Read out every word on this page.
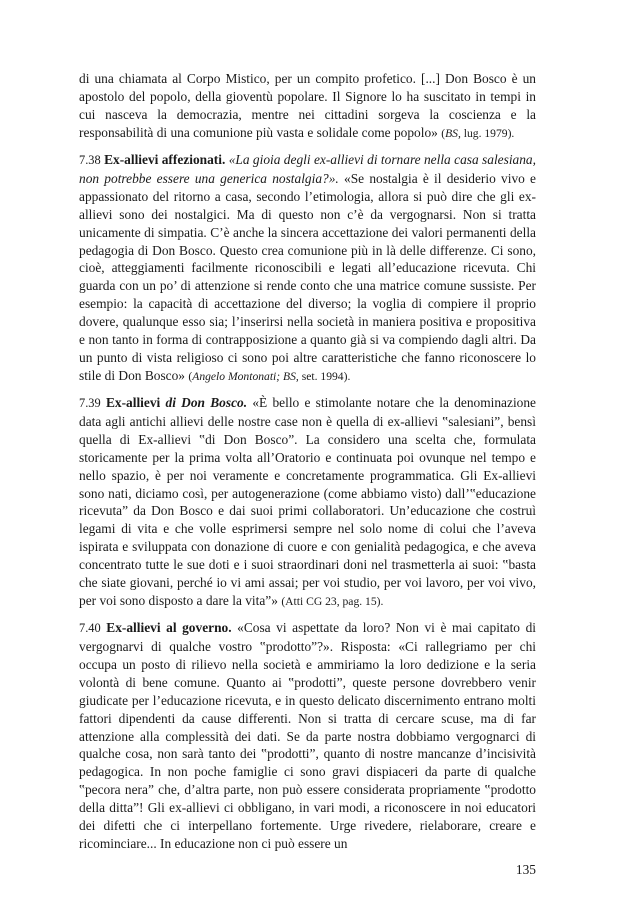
di una chiamata al Corpo Mistico, per un compito profetico. [...] Don Bosco è un apostolo del popolo, della gioventù popolare. Il Signore lo ha suscitato in tempi in cui nasceva la democrazia, mentre nei cittadini sorgeva la coscienza e la responsabilità di una comunione più vasta e solidale come popolo» (BS, lug. 1979).

7.38 Ex-allievi affezionati. «La gioia degli ex-allievi di tornare nella casa salesiana, non potrebbe essere una generica nostalgia?». «Se nostalgia è il desiderio vivo e appassionato del ritorno a casa, secondo l’etimologia, allora si può dire che gli ex-allievi sono dei nostalgici. Ma di questo non c’è da vergognarsi. Non si tratta unicamente di simpatia. C’è anche la sincera accettazione dei valori permanenti della pedagogia di Don Bosco. Questo crea comunione più in là delle differenze. Ci sono, cioè, atteggiamenti facilmente riconoscibili e legati all’educazione ricevuta. Chi guarda con un po’ di attenzione si rende conto che una matrice comune sussiste. Per esempio: la capacità di accettazione del diverso; la voglia di compiere il proprio dovere, qualunque esso sia; l’inserirsi nella società in maniera positiva e propositiva e non tanto in forma di contrapposizione a quanto già si va compiendo dagli altri. Da un punto di vista religioso ci sono poi altre caratteristiche che fanno riconoscere lo stile di Don Bosco» (Angelo Montonati; BS, set. 1994).

7.39 Ex-allievi di Don Bosco. «È bello e stimolante notare che la denominazione data agli antichi allievi delle nostre case non è quella di ex-allievi ‟salesiani”, bensì quella di Ex-allievi ‟di Don Bosco”. La considero una scelta che, formulata storicamente per la prima volta all’Oratorio e continuata poi ovunque nel tempo e nello spazio, è per noi veramente e concretamente programmatica. Gli Ex-allievi sono nati, diciamo così, per autogenerazione (come abbiamo visto) dall’‟educazione ricevuta” da Don Bosco e dai suoi primi collaboratori. Un’educazione che costruì legami di vita e che volle esprimersi sempre nel solo nome di colui che l’aveva ispirata e sviluppata con donazione di cuore e con genialità pedagogica, e che aveva concentrato tutte le sue doti e i suoi straordinari doni nel trasmetterla ai suoi: ‟basta che siate giovani, perché io vi ami assai; per voi studio, per voi lavoro, per voi vivo, per voi sono disposto a dare la vita”» (Atti CG 23, pag. 15).

7.40 Ex-allievi al governo. «Cosa vi aspettate da loro? Non vi è mai capitato di vergognarvi di qualche vostro ‟prodotto”?». Risposta: «Ci rallegriamo per chi occupa un posto di rilievo nella società e ammiriamo la loro dedizione e la seria volontà di bene comune. Quanto ai ‟prodotti”, queste persone dovrebbero venir giudicate per l’educazione ricevuta, e in questo delicato discernimento entrano molti fattori dipendenti da cause differenti. Non si tratta di cercare scuse, ma di far attenzione alla complessità dei dati. Se da parte nostra dobbiamo vergognarci di qualche cosa, non sarà tanto dei ‟prodotti”, quanto di nostre mancanze d’incisività pedagogica. In non poche famiglie ci sono gravi dispiaceri da parte di qualche ‟pecora nera” che, d’altra parte, non può essere considerata propriamente ‟prodotto della ditta”! Gli ex-allievi ci obbligano, in vari modi, a riconoscere in noi educatori dei difetti che ci interpellano fortemente. Urge rivedere, rielaborare, creare e ricominciare... In educazione non ci può essere un

135
